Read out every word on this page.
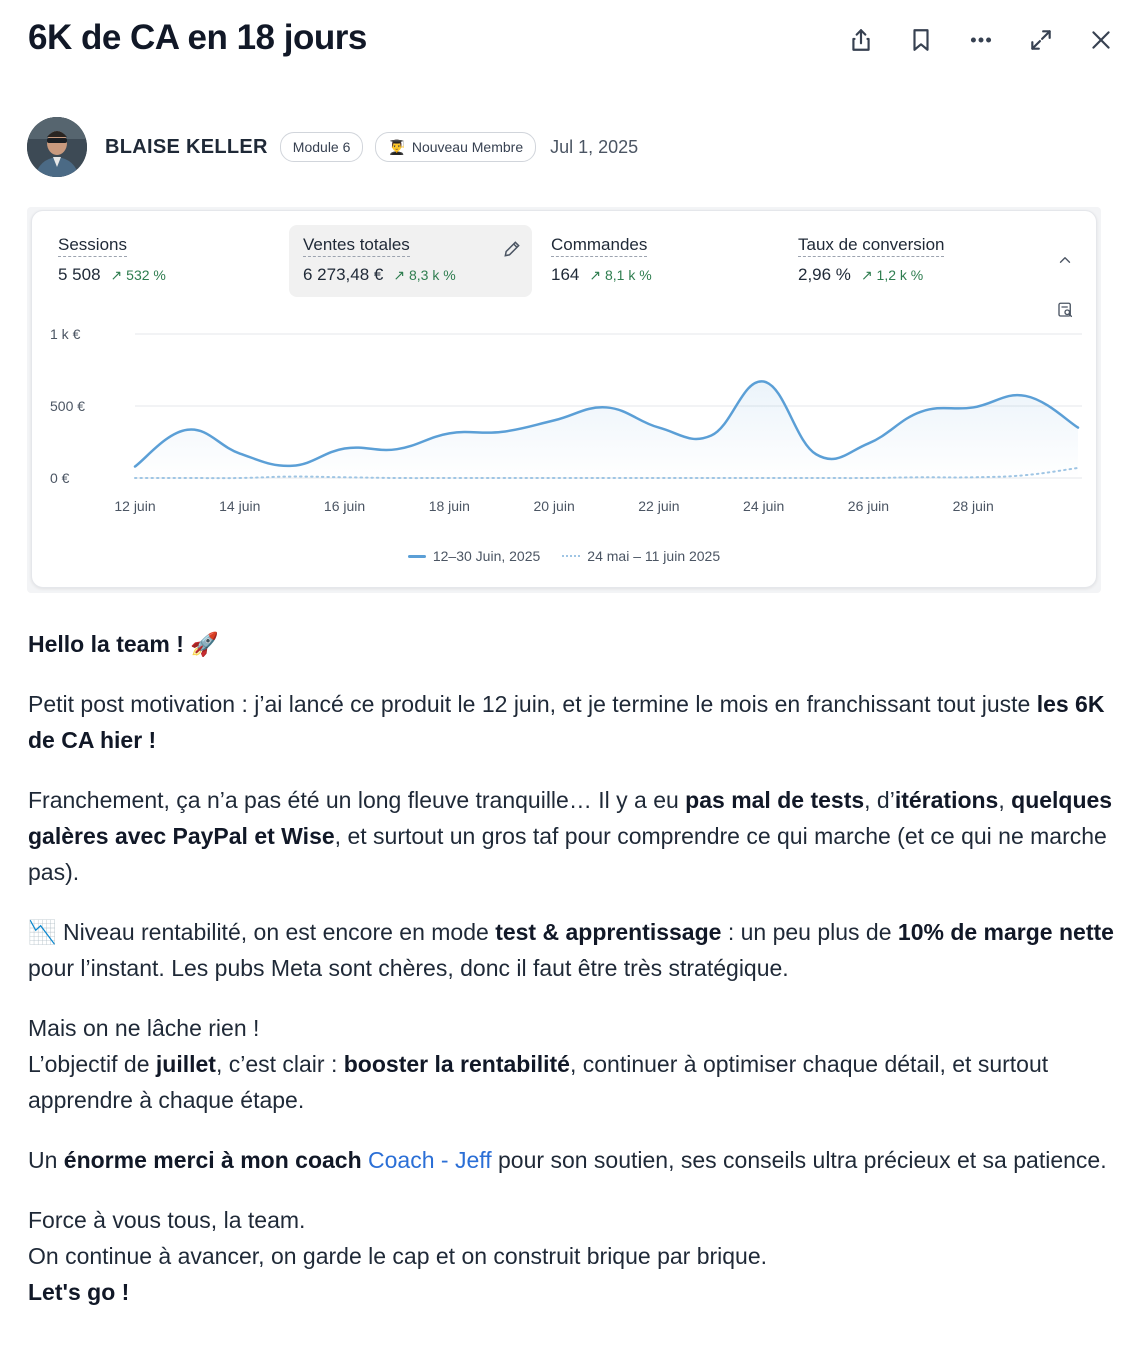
6K de CA en 18 jours
BLAISE KELLER Module 6	👨‍🎓 Nouveau Membre Jul 1, 2025
1 k €
500 €
0 €
12 juin	14 juin	16 juin	18 juin	20 juin	22 juin	24 juin	26 juin	28 juin
Sessions
5 508 ↗ 532 %
Ventes totales
6 273,48 € ↗ 8,3 k %
Commandes
164 ↗ 8,1 k %
Taux de conversion
2,96 % ↗ 1,2 k %
12–30 Juin, 2025	24 mai – 11 juin 2025

Hello la team ! 🚀

Petit post motivation : j’ai lancé ce produit le 12 juin, et je termine le mois en franchissant tout juste les 6K de CA hier !

Franchement, ça n’a pas été un long fleuve tranquille… Il y a eu pas mal de tests, d’itérations, quelques galères avec PayPal et Wise, et surtout un gros taf pour comprendre ce qui marche (et ce qui ne marche pas).

📉 Niveau rentabilité, on est encore en mode test & apprentissage : un peu plus de 10% de marge nette pour l’instant. Les pubs Meta sont chères, donc il faut être très stratégique.

Mais on ne lâche rien !
L’objectif de juillet, c’est clair : booster la rentabilité, continuer à optimiser chaque détail, et surtout apprendre à chaque étape.

Un énorme merci à mon coach Coach - Jeff pour son soutien, ses conseils ultra précieux et sa patience.

Force à vous tous, la team.
On continue à avancer, on garde le cap et on construit brique par brique.
Let's go !
